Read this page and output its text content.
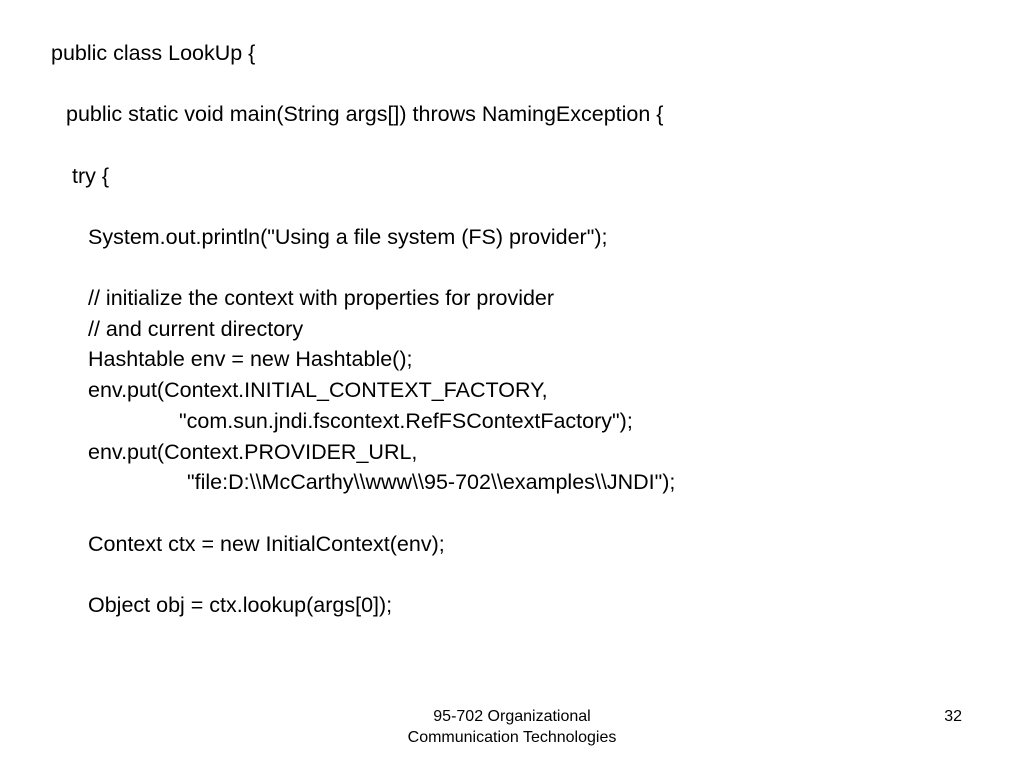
public class LookUp {
public static void main(String args[]) throws NamingException {
try {
System.out.println("Using a file system (FS) provider");
// initialize the context with properties for provider
// and current directory
Hashtable env = new Hashtable();
env.put(Context.INITIAL_CONTEXT_FACTORY,
"com.sun.jndi.fscontext.RefFSContextFactory");
env.put(Context.PROVIDER_URL,
"file:D:\\McCarthy\\www\\95-702\\examples\\JNDI");
Context ctx = new InitialContext(env);
Object obj = ctx.lookup(args[0]);
95-702 Organizational
Communication Technologies
32
